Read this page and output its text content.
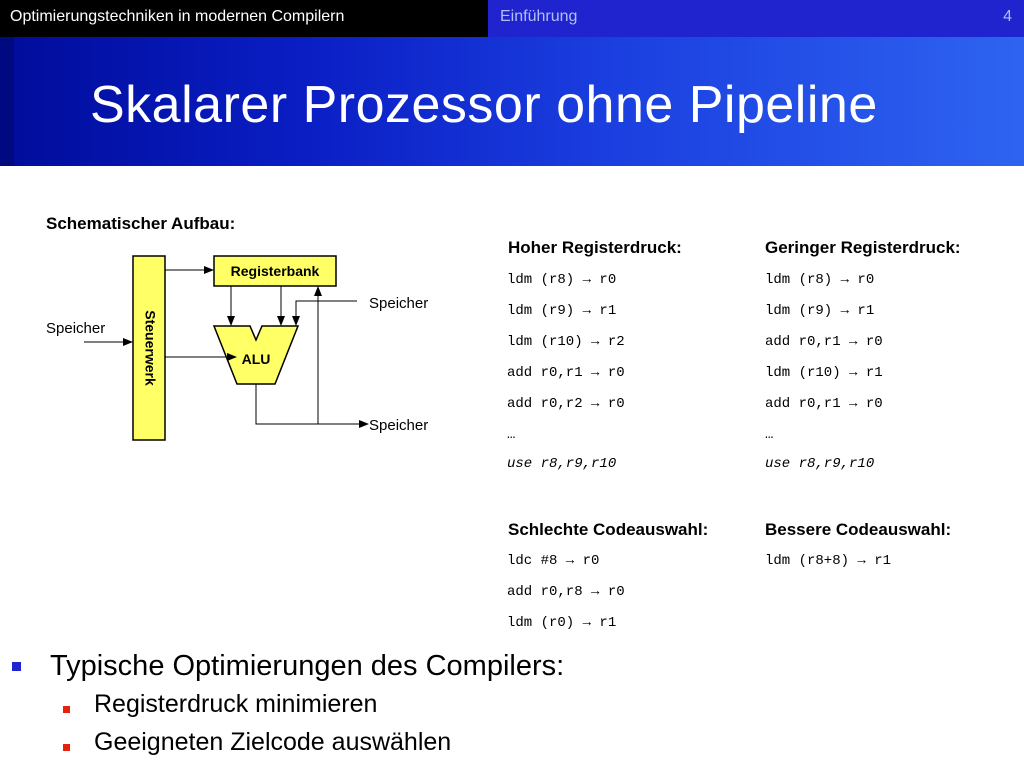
Optimierungstechniken in modernen Compilern	Einführung	4
Skalarer Prozessor ohne Pipeline
Schematischer Aufbau:
Steuerwerk
Registerbank
ALU
Speicher
Speicher
Speicher
Hoher Registerdruck:
ldm (r8) → r0
ldm (r9) → r1
ldm (r10) → r2
add r0,r1 → r0
add r0,r2 → r0
…
use r8,r9,r10
Geringer Registerdruck:
ldm (r8) → r0
ldm (r9) → r1
add r0,r1 → r0
ldm (r10) → r1
add r0,r1 → r0
…
use r8,r9,r10
Schlechte Codeauswahl:
ldc #8 → r0
add r0,r8 → r0
ldm (r0) → r1
Bessere Codeauswahl:
ldm (r8+8) → r1
Typische Optimierungen des Compilers:
Registerdruck minimieren
Geeigneten Zielcode auswählen
